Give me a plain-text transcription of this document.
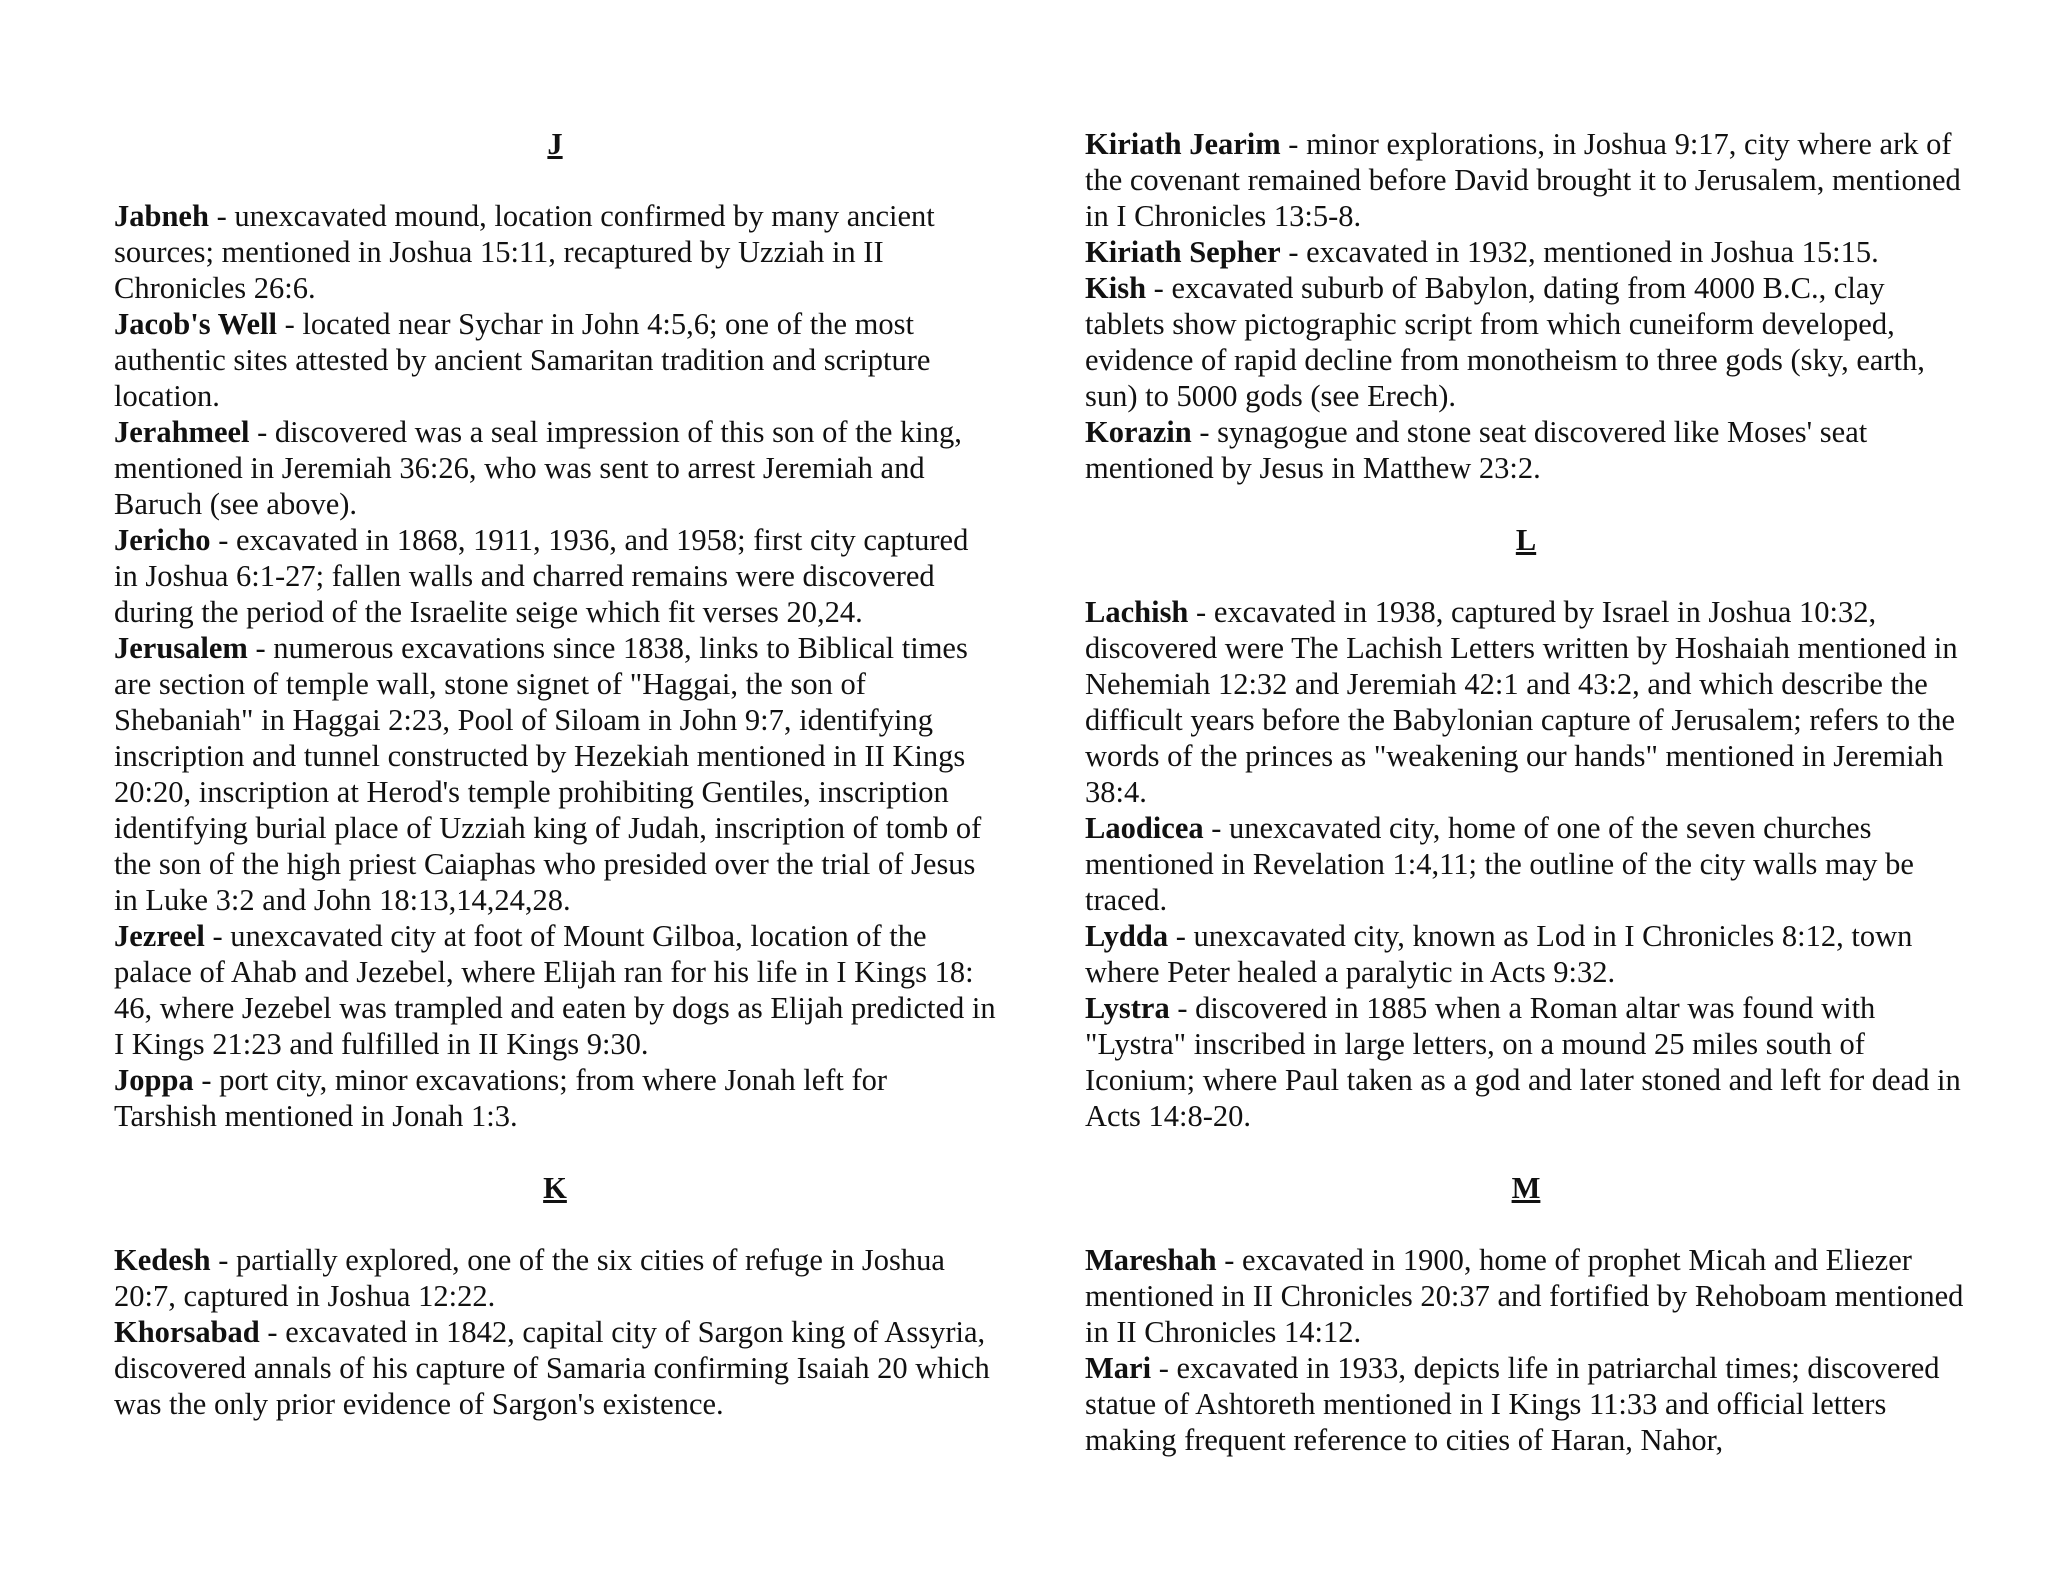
J

Jabneh - unexcavated mound, location confirmed by many ancient sources; mentioned in Joshua 15:11, recaptured by Uzziah in II Chronicles 26:6.

Jacob's Well - located near Sychar in John 4:5,6; one of the most authentic sites attested by ancient Samaritan tradition and scripture location.

Jerahmeel - discovered was a seal impression of this son of the king, mentioned in Jeremiah 36:26, who was sent to arrest Jeremiah and Baruch (see above).

Jericho - excavated in 1868, 1911, 1936, and 1958; first city captured in Joshua 6:1-27; fallen walls and charred remains were discovered during the period of the Israelite seige which fit verses 20,24.

Jerusalem - numerous excavations since 1838, links to Biblical times are section of temple wall, stone signet of "Haggai, the son of Shebaniah" in Haggai 2:23, Pool of Siloam in John 9:7, identifying inscription and tunnel constructed by Hezekiah mentioned in II Kings 20:20, inscription at Herod's temple prohibiting Gentiles, inscription identifying burial place of Uzziah king of Judah, inscription of tomb of the son of the high priest Caiaphas who presided over the trial of Jesus in Luke 3:2 and John 18:13,14,24,28.

Jezreel - unexcavated city at foot of Mount Gilboa, location of the palace of Ahab and Jezebel, where Elijah ran for his life in I Kings 18: 46, where Jezebel was trampled and eaten by dogs as Elijah predicted in I Kings 21:23 and fulfilled in II Kings 9:30.

Joppa - port city, minor excavations; from where Jonah left for Tarshish mentioned in Jonah 1:3.

K

Kedesh - partially explored, one of the six cities of refuge in Joshua 20:7, captured in Joshua 12:22.

Khorsabad - excavated in 1842, capital city of Sargon king of Assyria, discovered annals of his capture of Samaria confirming Isaiah 20 which was the only prior evidence of Sargon's existence.

Kiriath Jearim - minor explorations, in Joshua 9:17, city where ark of the covenant remained before David brought it to Jerusalem, mentioned in I Chronicles 13:5-8.

Kiriath Sepher - excavated in 1932, mentioned in Joshua 15:15.

Kish - excavated suburb of Babylon, dating from 4000 B.C., clay tablets show pictographic script from which cuneiform developed, evidence of rapid decline from monotheism to three gods (sky, earth, sun) to 5000 gods (see Erech).

Korazin - synagogue and stone seat discovered like Moses' seat mentioned by Jesus in Matthew 23:2.

L

Lachish - excavated in 1938, captured by Israel in Joshua 10:32, discovered were The Lachish Letters written by Hoshaiah mentioned in Nehemiah 12:32 and Jeremiah 42:1 and 43:2, and which describe the difficult years before the Babylonian capture of Jerusalem; refers to the words of the princes as "weakening our hands" mentioned in Jeremiah 38:4.

Laodicea - unexcavated city, home of one of the seven churches mentioned in Revelation 1:4,11; the outline of the city walls may be traced.

Lydda - unexcavated city, known as Lod in I Chronicles 8:12, town where Peter healed a paralytic in Acts 9:32.

Lystra - discovered in 1885 when a Roman altar was found with "Lystra" inscribed in large letters, on a mound 25 miles south of Iconium; where Paul taken as a god and later stoned and left for dead in Acts 14:8-20.

M

Mareshah - excavated in 1900, home of prophet Micah and Eliezer mentioned in II Chronicles 20:37 and fortified by Rehoboam mentioned in II Chronicles 14:12.

Mari - excavated in 1933, depicts life in patriarchal times; discovered statue of Ashtoreth mentioned in I Kings 11:33 and official letters making frequent reference to cities of Haran, Nahor,
